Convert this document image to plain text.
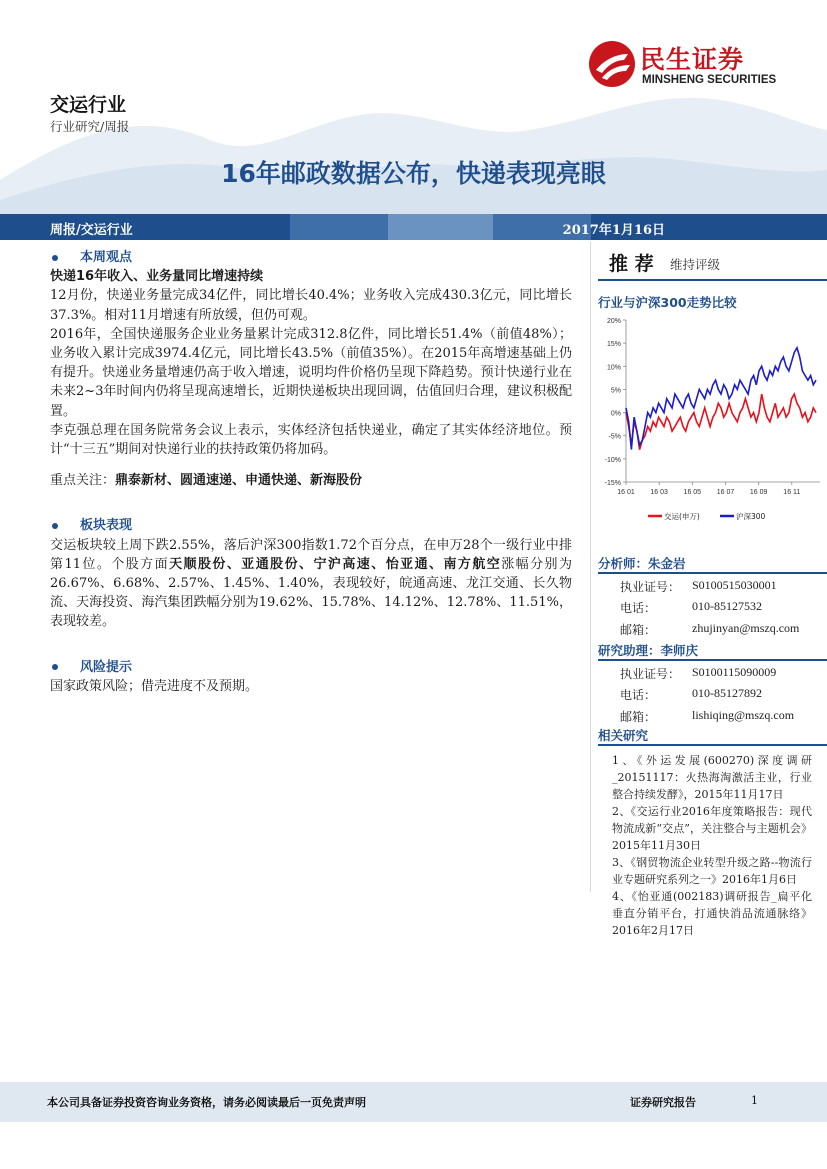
民生证券
MINSHENG SECURITIES
交运行业
行业研究/周报
16年邮政数据公布，快递表现亮眼
周报/交运行业	2017年1月16日
本周观点

快递16年收入、业务量同比增速持续

12月份，快递业务量完成34亿件，同比增长40.4%；业务收入完成430.3亿元，同比增长37.3%。相对11月增速有所放缓，但仍可观。

2016年，全国快递服务企业业务量累计完成312.8亿件，同比增长51.4%（前值48%）；业务收入累计完成3974.4亿元，同比增长43.5%（前值35%）。在2015年高增速基础上仍有提升。快递业务量增速仍高于收入增速，说明均件价格仍呈现下降趋势。预计快递行业在未来2~3年时间内仍将呈现高速增长，近期快递板块出现回调，估值回归合理，建议积极配置。

李克强总理在国务院常务会议上表示，实体经济包括快递业，确定了其实体经济地位。预计“十三五”期间对快递行业的扶持政策仍将加码。

重点关注：鼎泰新材、圆通速递、申通快递、新海股份

板块表现

交运板块较上周下跌2.55%，落后沪深300指数1.72个百分点，在申万28个一级行业中排第11位。个股方面天顺股份、亚通股份、宁沪高速、怡亚通、南方航空涨幅分别为26.67%、6.68%、2.57%、1.45%、1.40%，表现较好，皖通高速、龙江交通、长久物流、天海投资、海汽集团跌幅分别为19.62%、15.78%、14.12%、12.78%、11.51%，表现较差。

风险提示

国家政策风险；借壳进度不及预期。

推 荐 维持评级
行业与沪深300走势比较
20%
15%
10%
5%
0%
-5%
-10%
-15%
16 01 16 03 16 05 16 07 16 09 16 11
交运(申万)	沪深300
分析师：朱金岩
执业证号： S0100515030001
电话：	010-85127532
邮箱：	zhujinyan@mszq.com
研究助理：李师庆
执业证号： S0100115090009
电话：	010-85127892
邮箱：	lishiqing@mszq.com
相关研究

1、《外运发展(600270)深度调研_20151117：火热海淘激活主业，行业整合持续发酵》，2015年11月17日

2、《交运行业2016年度策略报告：现代物流成新“交点”，关注整合与主题机会》2015年11月30日

3、《钢贸物流企业转型升级之路--物流行业专题研究系列之一》2016年1月6日

4、《怡亚通(002183)调研报告_扁平化垂直分销平台，打通快消品流通脉络》2016年2月17日

本公司具备证券投资咨询业务资格，请务必阅读最后一页免责声明	证券研究报告	1
